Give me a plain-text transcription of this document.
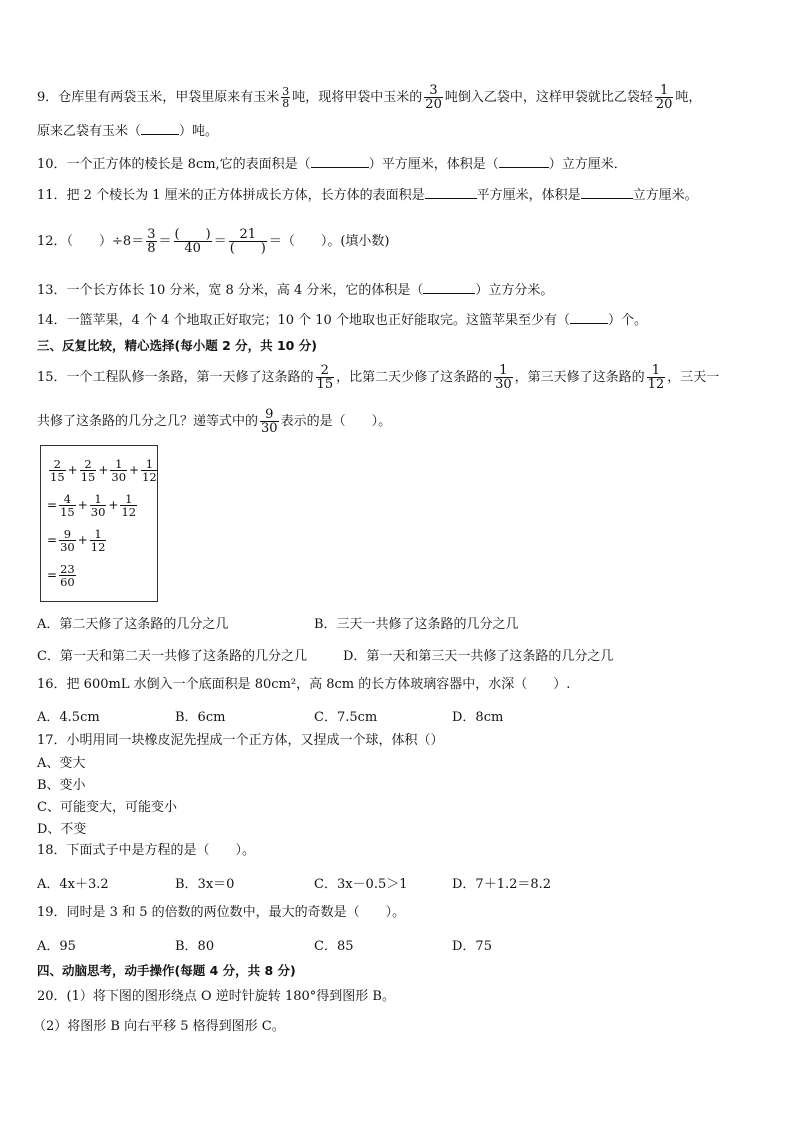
9．仓库里有两袋玉米，甲袋里原来有玉米 $\frac{3}{8}$ 吨，现将甲袋中玉米的 $\frac{3}{20}$ 吨倒入乙袋中，这样甲袋就比乙袋轻 $\frac{1}{20}$ 吨，
原来乙袋有玉米（	）吨。
10．一个正方体的棱长是 8cm,它的表面积是（	）平方厘米，体积是（	）立方厘米．
11．把 2 个棱长为 1 厘米的正方体拼成长方体，长方体的表面积是	平方厘米，体积是	立方厘米。
12．（　　）$\div 8= \frac{3}{8} = \frac{( )}{40} = \frac{21}{( )}$ ＝（　　）。(填小数)
13．一个长方体长 10 分米，宽 8 分米，高 4 分米，它的体积是（	）立方分米。
14．一篮苹果，4 个 4 个地取正好取完；10 个 10 个地取也正好能取完。这篮苹果至少有（	）个。
三、反复比较，精心选择(每小题 2 分，共 10 分)
15．一个工程队修一条路，第一天修了这条路的 $\frac{2}{15}$ ，比第二天少修了这条路的 $\frac{1}{30}$ ，第三天修了这条路的 $\frac{1}{12}$ ，三天一
共修了这条路的几分之几？递等式中的 $\frac{9}{30}$ 表示的是（　　）。
$\frac{2}{15} + \frac{2}{15} + \frac{1}{30} + \frac{1}{12}$
= $\frac{4}{15} + \frac{1}{30} + \frac{1}{12}$
= $\frac{9}{30} + \frac{1}{12}$
= $\frac{23}{60}$
A．第二天修了这条路的几分之几	B．三天一共修了这条路的几分之几
C．第一天和第二天一共修了这条路的几分之几	D．第一天和第三天一共修了这条路的几分之几
16．把 600mL 水倒入一个底面积是 80cm²，高 8cm 的长方体玻璃容器中，水深（　　）.
A．4.5cm	B．6cm	C．7.5cm	D．8cm
17．小明用同一块橡皮泥先捏成一个正方体，又捏成一个球，体积（）
A、变大
B、变小
C、可能变大，可能变小
D、不变
18．下面式子中是方程的是（　　）。
A．4x＋3.2	B．3x＝0	C．3x－0.5＞1	D．7＋1.2＝8.2
19．同时是 3 和 5 的倍数的两位数中，最大的奇数是（　　）。
A．95	B．80	C．85	D．75
四、动脑思考，动手操作(每题 4 分，共 8 分)
20．(1）将下图的图形绕点 O 逆时针旋转 180°得到图形 B。
（2）将图形 B 向右平移 5 格得到图形 C。
